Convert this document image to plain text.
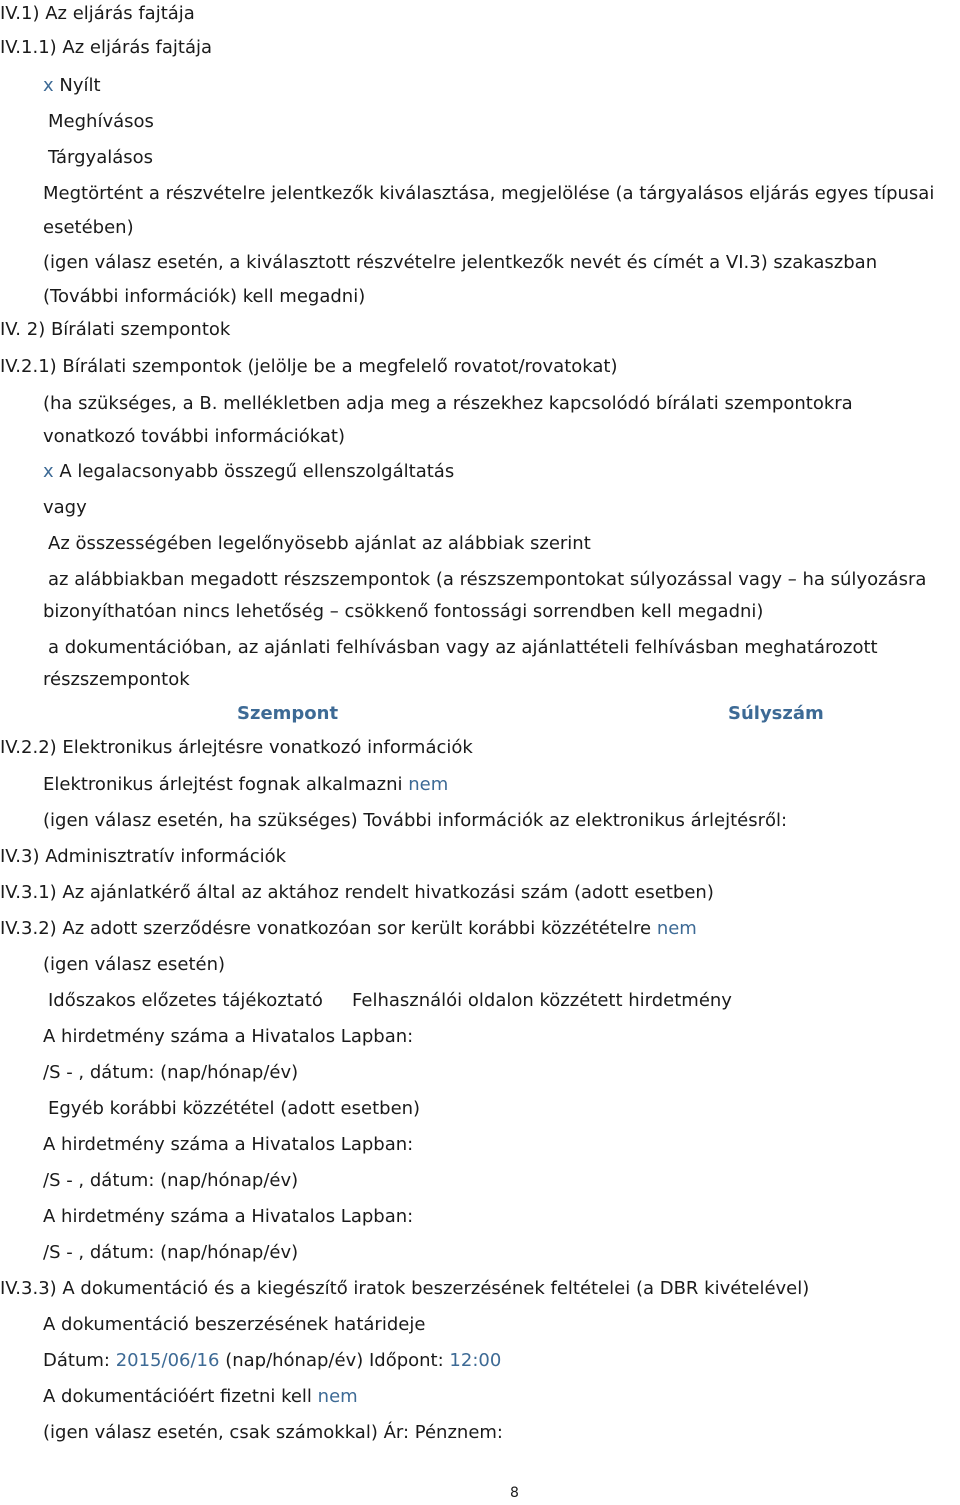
IV.1) Az eljárás fajtája
IV.1.1) Az eljárás fajtája
x Nyílt
Meghívásos
Tárgyalásos
Megtörtént a részvételre jelentkezők kiválasztása, megjelölése (a tárgyalásos eljárás egyes típusai
esetében)
(igen válasz esetén, a kiválasztott részvételre jelentkezők nevét és címét a VI.3) szakaszban
(További információk) kell megadni)
IV. 2) Bírálati szempontok
IV.2.1) Bírálati szempontok (jelölje be a megfelelő rovatot/rovatokat)
(ha szükséges, a B. mellékletben adja meg a részekhez kapcsolódó bírálati szempontokra
vonatkozó további információkat)
x A legalacsonyabb összegű ellenszolgáltatás
vagy
Az összességében legelőnyösebb ajánlat az alábbiak szerint
az alábbiakban megadott részszempontok (a részszempontokat súlyozással vagy – ha súlyozásra
bizonyíthatóan nincs lehetőség – csökkenő fontossági sorrendben kell megadni)
a dokumentációban, az ajánlati felhívásban vagy az ajánlattételi felhívásban meghatározott
részszempontok
Szempont	Súlyszám
IV.2.2) Elektronikus árlejtésre vonatkozó információk
Elektronikus árlejtést fognak alkalmazni nem
(igen válasz esetén, ha szükséges) További információk az elektronikus árlejtésről:
IV.3) Adminisztratív információk
IV.3.1) Az ajánlatkérő által az aktához rendelt hivatkozási szám (adott esetben)
IV.3.2) Az adott szerződésre vonatkozóan sor került korábbi közzétételre nem
(igen válasz esetén)
Időszakos előzetes tájékoztató Felhasználói oldalon közzétett hirdetmény
A hirdetmény száma a Hivatalos Lapban:
/S - , dátum: (nap/hónap/év)
Egyéb korábbi közzététel (adott esetben)
A hirdetmény száma a Hivatalos Lapban:
/S - , dátum: (nap/hónap/év)
A hirdetmény száma a Hivatalos Lapban:
/S - , dátum: (nap/hónap/év)
IV.3.3) A dokumentáció és a kiegészítő iratok beszerzésének feltételei (a DBR kivételével)
A dokumentáció beszerzésének határideje
Dátum: 2015/06/16 (nap/hónap/év) Időpont: 12:00
A dokumentációért fizetni kell nem
(igen válasz esetén, csak számokkal) Ár: Pénznem:
8
